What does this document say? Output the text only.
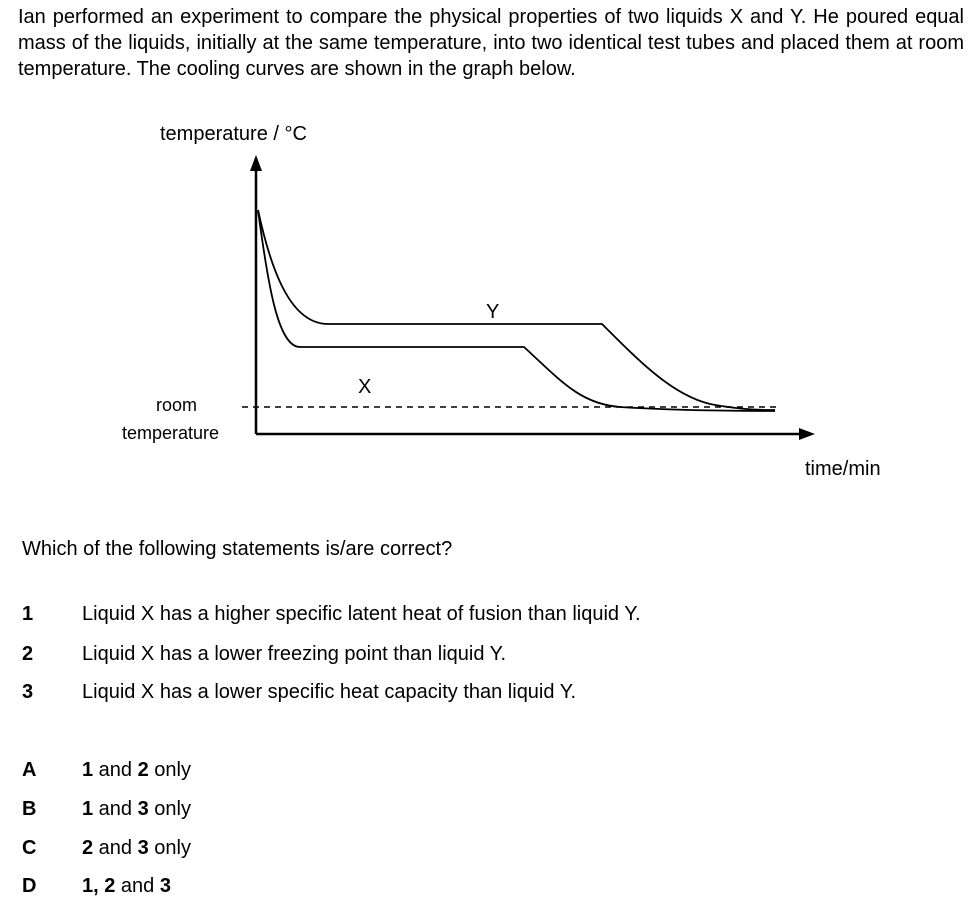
Ian performed an experiment to compare the physical properties of two liquids X and Y. He poured equal mass of the liquids, initially at the same temperature, into two identical test tubes and placed them at room temperature. The cooling curves are shown in the graph below.

temperature / °C
room
temperature
Y
X
time/min

Which of the following statements is/are correct?

1 Liquid X has a higher specific latent heat of fusion than liquid Y.
2 Liquid X has a lower freezing point than liquid Y.
3 Liquid X has a lower specific heat capacity than liquid Y.
A 1 and 2 only
B 1 and 3 only
C 2 and 3 only
D 1, 2 and 3
